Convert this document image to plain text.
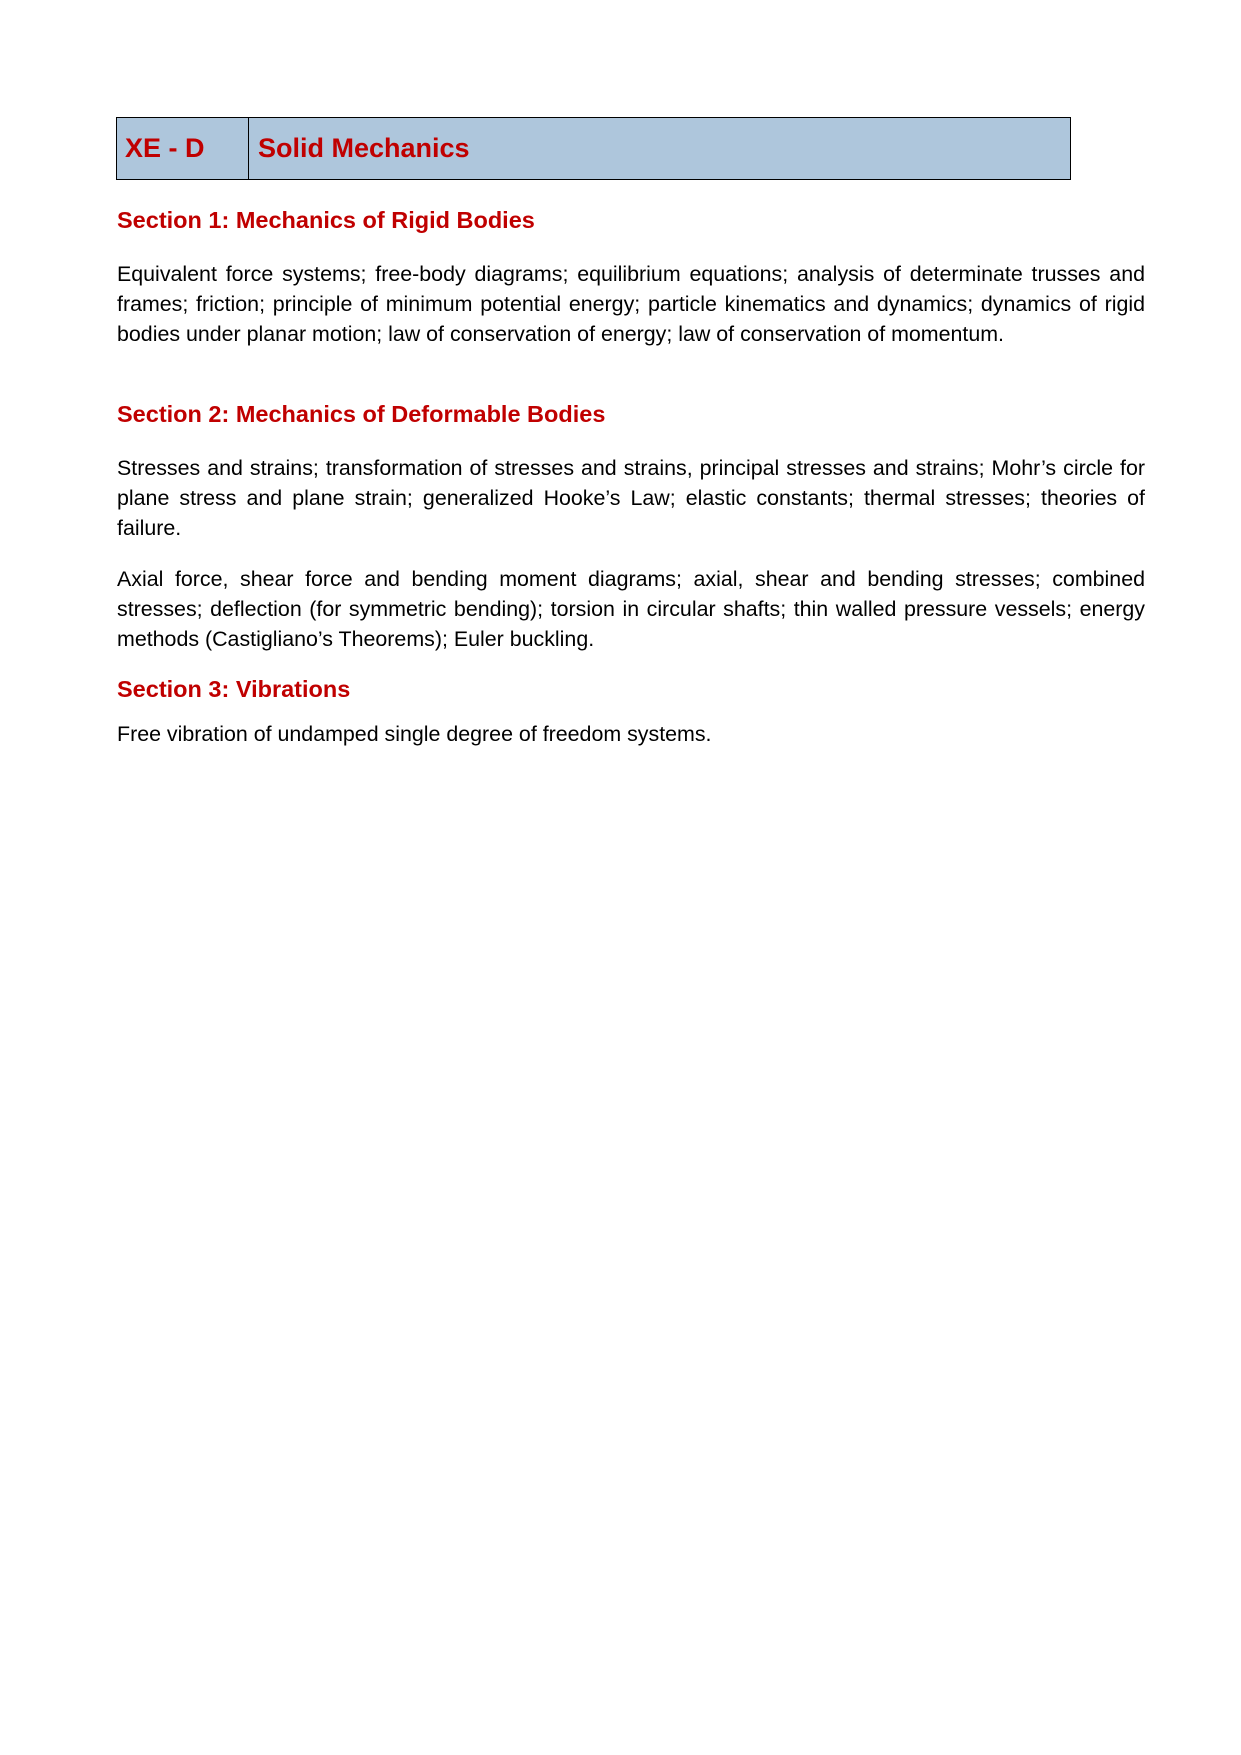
XE - D	Solid Mechanics
Section 1: Mechanics of Rigid Bodies

Equivalent force systems; free-body diagrams; equilibrium equations; analysis of determinate trusses and frames; friction; principle of minimum potential energy; particle kinematics and dynamics; dynamics of rigid bodies under planar motion; law of conservation of energy; law of conservation of momentum.

Section 2: Mechanics of Deformable Bodies

Stresses and strains; transformation of stresses and strains, principal stresses and strains; Mohr’s circle for plane stress and plane strain; generalized Hooke’s Law; elastic constants; thermal stresses; theories of failure.

Axial force, shear force and bending moment diagrams; axial, shear and bending stresses; combined stresses; deflection (for symmetric bending); torsion in circular shafts; thin walled pressure vessels; energy methods (Castigliano’s Theorems); Euler buckling.

Section 3: Vibrations

Free vibration of undamped single degree of freedom systems.
